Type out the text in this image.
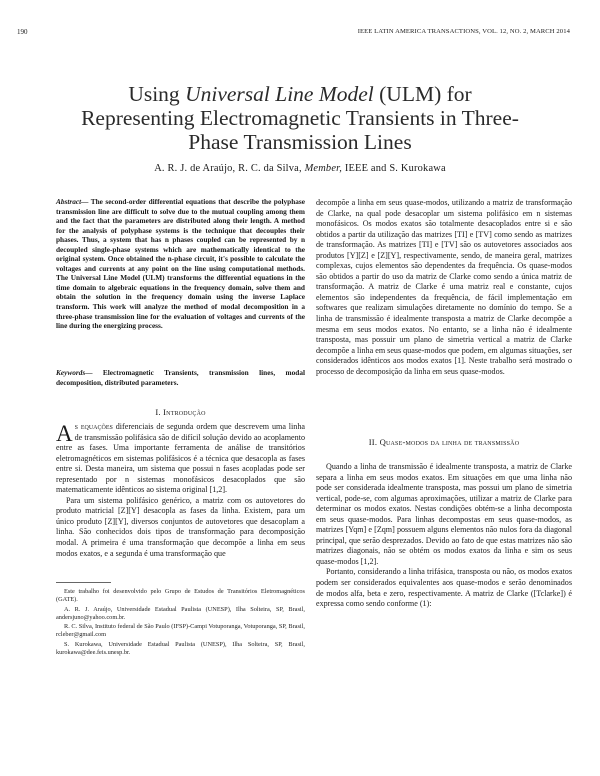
190	IEEE LATIN AMERICA TRANSACTIONS, VOL. 12, NO. 2, MARCH 2014
Using Universal Line Model (ULM) for
Representing Electromagnetic Transients in Three-
Phase Transmission Lines
A. R. J. de Araújo, R. C. da Silva, Member, IEEE and S. Kurokawa
Abstract— The second-order differential equations that describe the polyphase transmission line are difficult to solve due to the mutual coupling among them and the fact that the parameters are distributed along their length. A method for the analysis of polyphase systems is the technique that decouples their phases. Thus, a system that has n phases coupled can be represented by n decoupled single-phase systems which are mathematically identical to the original system. Once obtained the n-phase circuit, it's possible to calculate the voltages and currents at any point on the line using computational methods. The Universal Line Model (ULM) transforms the differential equations in the time domain to algebraic equations in the frequency domain, solve them and obtain the solution in the frequency domain using the inverse Laplace transform. This work will analyze the method of modal decomposition in a three-phase transmission line for the evaluation of voltages and currents of the line during the energizing process.
Keywords— Electromagnetic Transients, transmission lines, modal decomposition, distributed parameters.
I. Introdução

As equações diferenciais de segunda ordem que descrevem uma linha de transmissão polifásica são de difícil solução devido ao acoplamento entre as fases. Uma importante ferramenta de análise de transitórios eletromagnéticos em sistemas polifásicos é a técnica que desacopla as fases entre si. Desta maneira, um sistema que possui n fases acopladas pode ser representado por n sistemas monofásicos desacoplados que são matematicamente idênticos ao sistema original [1,2].

Para um sistema polifásico genérico, a matriz com os autovetores do produto matricial [Z][Y] desacopla as fases da linha. Existem, para um único produto [Z][Y], diversos conjuntos de autovetores que desacoplam a linha. São conhecidos dois tipos de transformação para decomposição modal. A primeira é uma transformação que decompõe a linha em seus modos exatos, e a segunda é uma transformação que

decompõe a linha em seus quase-modos, utilizando a matriz de transformação de Clarke, na qual pode desacoplar um sistema polifásico em n sistemas monofásicos. Os modos exatos são totalmente desacoplados entre si e são obtidos a partir da utilização das matrizes [TI] e [TV] como sendo as matrizes de transformação. As matrizes [TI] e [TV] são os autovetores associados aos produtos [Y][Z] e [Z][Y], respectivamente, sendo, de maneira geral, matrizes complexas, cujos elementos são dependentes da frequência. Os quase-modos são obtidos a partir do uso da matriz de Clarke como sendo a única matriz de transformação. A matriz de Clarke é uma matriz real e constante, cujos elementos são independentes da frequência, de fácil implementação em softwares que realizam simulações diretamente no domínio do tempo. Se a linha de transmissão é idealmente transposta a matriz de Clarke decompõe a mesma em seus modos exatos. No entanto, se a linha não é idealmente transposta, mas possuir um plano de simetria vertical a matriz de Clarke decompõe a linha em seus quase-modos que podem, em algumas situações, ser considerados idênticos aos modos exatos [1]. Neste trabalho será mostrado o processo de decomposição da linha em seus quase-modos.

II. Quase-modos da linha de transmissão

Quando a linha de transmissão é idealmente transposta, a matriz de Clarke separa a linha em seus modos exatos. Em situações em que uma linha não pode ser considerada idealmente transposta, mas possui um plano de simetria vertical, pode-se, com algumas aproximações, utilizar a matriz de Clarke para determinar os modos exatos. Nestas condições obtém-se a linha decomposta em seus quase-modos. Para linhas decompostas em seus quase-modos, as matrizes [Yqm] e [Zqm] possuem alguns elementos não nulos fora da diagonal principal, que serão desprezados. Devido ao fato de que estas matrizes não são matrizes diagonais, não se obtém os modos exatos da linha e sim os seus quase-modos [1,2].

Portanto, considerando a linha trifásica, transposta ou não, os modos exatos podem ser considerados equivalentes aos quase-modos e serão denominados de modos alfa, beta e zero, respectivamente. A matriz de Clarke ([Tclarke]) é expressa como sendo conforme (1):

Este trabalho foi desenvolvido pelo Grupo de Estudos de Transitórios Eletromagnéticos (GATE).

A. R. J. Araújo, Universidade Estadual Paulista (UNESP), Ilha Solteira, SP, Brasil, andersjuno@yahoo.com.br.

R. C. Silva, Instituto federal de São Paulo (IFSP)-Campi Votuporanga, Votuporanga, SP, Brasil, rcleber@gmail.com

S. Kurokawa, Universidade Estadual Paulista (UNESP), Ilha Solteira, SP, Brasil, kurokawa@dee.feis.unesp.br.
